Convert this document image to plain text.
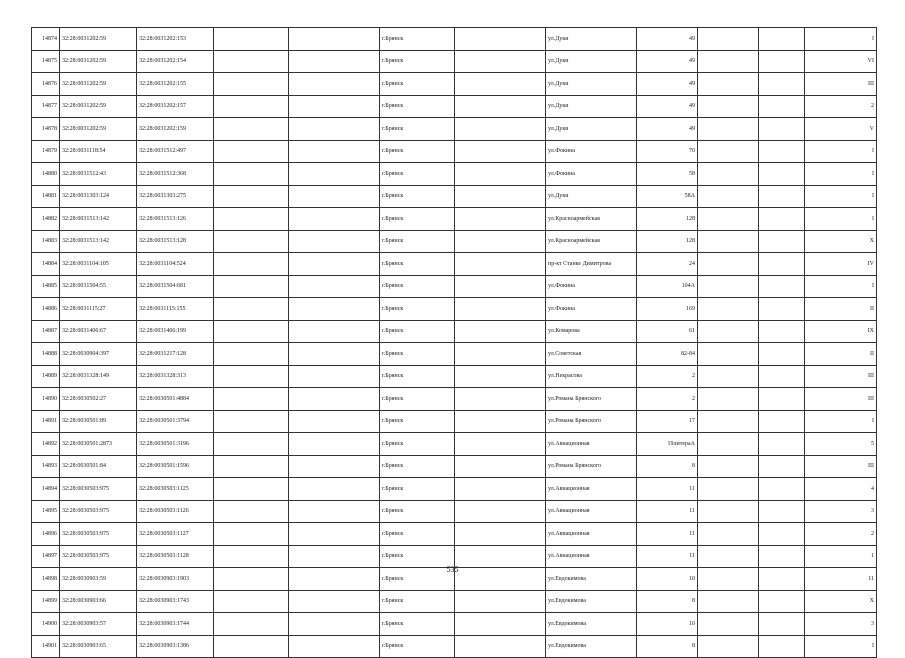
14874	32:28:0031202:59	32:28:0031202:153			г.Брянск		ул.Дуки	49			I
14875	32:28:0031202:59	32:28:0031202:154			г.Брянск		ул.Дуки	49			VI
14876	32:28:0031202:59	32:28:0031202:155			г.Брянск		ул.Дуки	49			III
14877	32:28:0031202:59	32:28:0031202:157			г.Брянск		ул.Дуки	49			2
14878	32:28:0031202:59	32:28:0031202:159			г.Брянск		ул.Дуки	49			V
14879	32:28:0031118:54	32:28:0031512:497			г.Брянск		ул.Фокина	70			I
14880	32:28:0031512:43	32:28:0031512:368			г.Брянск		ул.Фокина	58			I
14881	32:28:0031303:124	32:28:0031303:275			г.Брянск		ул.Дуки	58А			I
14882	32:28:0031513:142	32:28:0031513:126			г.Брянск		ул.Красноармейская	128			I
14883	32:28:0031513:142	32:28:0031513:128			г.Брянск		ул.Красноармейская	128			X
14884	32:28:0031104:105	32:28:0031104:524			г.Брянск		пр-кт Станке Димитрова	24			IV
14885	32:28:0031504:55	32:28:0031504:681			г.Брянск		ул.Фокина	104А			I
14886	32:28:0031115:27	32:28:0031115:155			г.Брянск		ул.Фокина	169			II
14887	32:28:0031406:67	32:28:0031406:199			г.Брянск		ул.Комарова	61			IX
14888	32:28:0030904:397	32:28:0031217:128			г.Брянск		ул.Советская	82-84			II
14889	32:28:0031328:149	32:28:0031328:313			г.Брянск		ул.Некрасова	2			III
14890	32:28:0030502:27	32:28:0030501:4884			г.Брянск		ул.Романа Брянского	2			III
14891	32:28:0030501:89	32:28:0030501:3794			г.Брянск		ул.Романа Брянского	17			I
14892	32:28:0030501:2873	32:28:0030501:3196			г.Брянск		ул.Авиационная	19литераА			5
14893	32:28:0030501:84	32:28:0030501:1596			г.Брянск		ул.Романа Брянского	8			III
14894	32:28:0030503:975	32:28:0030503:1125			г.Брянск		ул.Авиационная	11			4
14895	32:28:0030503:975	32:28:0030503:1126			г.Брянск		ул.Авиационная	11			3
14896	32:28:0030503:975	32:28:0030503:1127			г.Брянск		ул.Авиационная	11			2
14897	32:28:0030503:975	32:28:0030503:1128			г.Брянск		ул.Авиационная	11			1
14898	32:28:0030903:59	32:28:0030903:1903			г.Брянск		ул.Евдокимова	10			11
14899	32:28:0030903:66	32:28:0030903:1743			г.Брянск		ул.Евдокимова	8			X
14900	32:28:0030903:57	32:28:0030903:1744			г.Брянск		ул.Евдокимова	10			3
14901	32:28:0030903:65	32:28:0030903:1386			г.Брянск		ул.Евдокимова	8			I
535
